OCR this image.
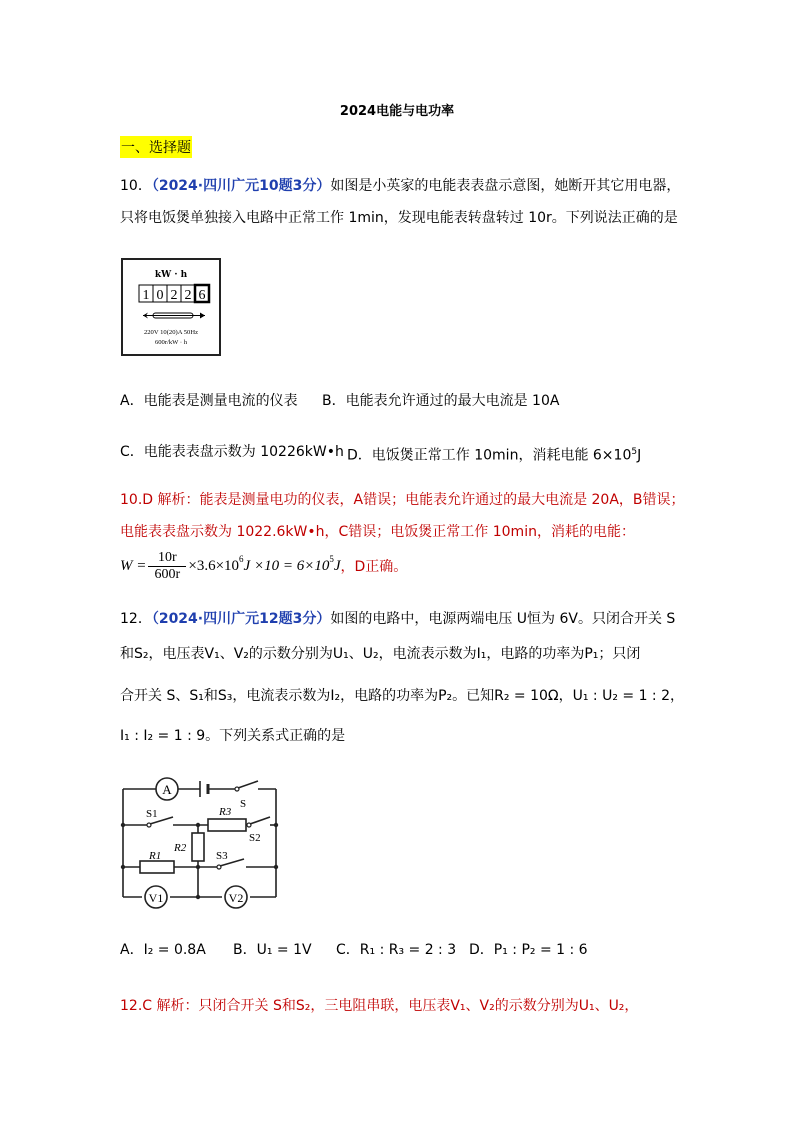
2024电能与电功率
一、选择题
10．（2024·四川广元10题3分）如图是小英家的电能表表盘示意图，她断开其它用电器，
只将电饭煲单独接入电路中正常工作 1min，发现电能表转盘转过 10r。下列说法正确的是
kW · h
1 0 2 2 6
220V 10(20)A 50Hz
600r/kW · h
A．电能表是测量电流的仪表 B．电能表允许通过的最大电流是 10A
C．电能表表盘示数为 10226kW•h D．电饭煲正常工作 10min，消耗电能 $6\times 10^5J$
10.D 解析：能表是测量电功的仪表，A错误；电能表允许通过的最大电流是 20A，B错误；
电能表表盘示数为 1022.6kW•h，C错误；电饭煲正常工作 10min，消耗的电能：
W =
10r
600r
$\times 3.6\times 10^6$ $J \times 10 = 6\times 10^5$ J ，D正确。
12．（2024·四川广元12题3分）如图的电路中，电源两端电压 U恒为 6V。只闭合开关 S
和S₂，电压表V₁、V₂的示数分别为U₁、U₂，电流表示数为I₁，电路的功率为P₁；只闭
合开关 S、S₁和S₃，电流表示数为I₂，电路的功率为P₂。已知R₂ = 10Ω，U₁ : U₂ = 1 : 2，
I₁ : I₂ = 1 : 9。下列关系式正确的是
A
S
S1	R3
S2
R2
R1	S3
V1	V2
A．I₂ = 0.8A B．U₁ = 1V C．R₁ : R₃ = 2 : 3 D．P₁ : P₂ = 1 : 6
12.C 解析：只闭合开关 S和S₂，三电阻串联，电压表V₁、V₂的示数分别为U₁、U₂，
